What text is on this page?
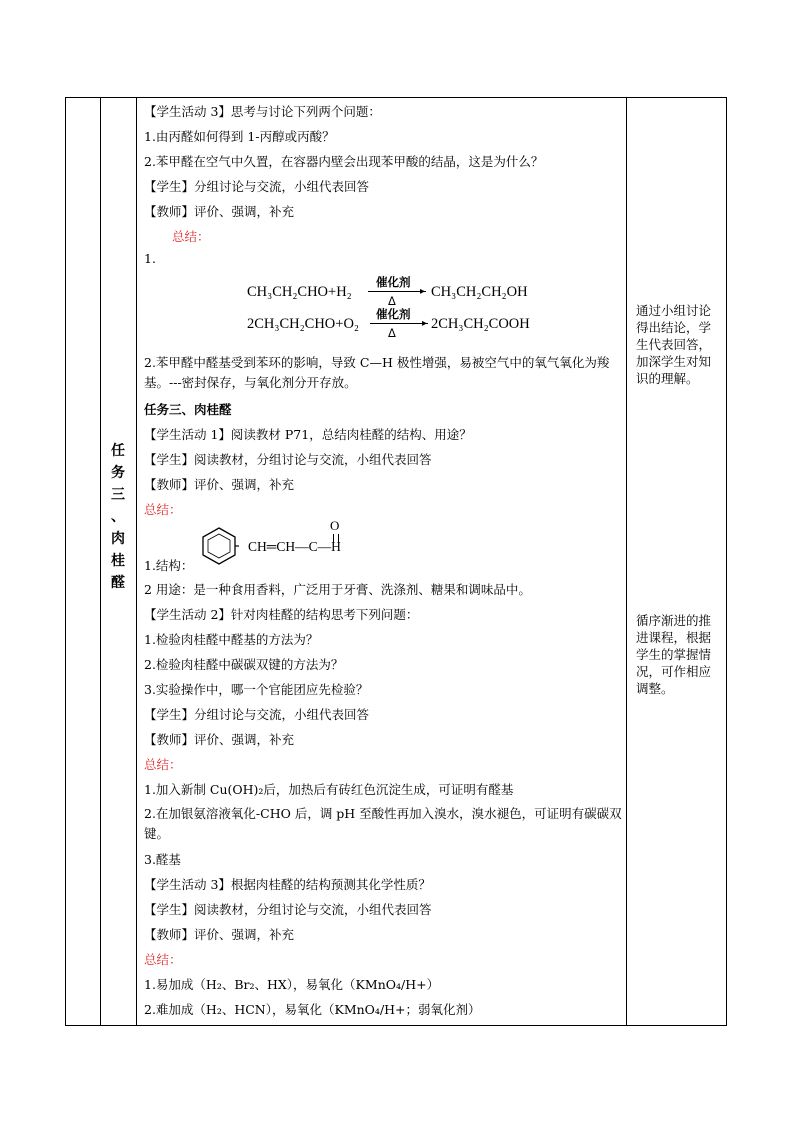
任
务
三
、
肉
桂
醛
【学生活动 3】思考与讨论下列两个问题：
1.由丙醛如何得到 1-丙醇或丙酸？
2.苯甲醛在空气中久置，在容器内壁会出现苯甲酸的结晶，这是为什么？
【学生】分组讨论与交流，小组代表回答
【教师】评价、强调，补充
总结：
1.
CH₃CH₂CHO+H₂
催化剂
▸
Δ
CH₃CH₂CH₂OH
2CH₃CH₂CHO+O₂
催化剂
▸
Δ
2CH₃CH₂COOH
2.苯甲醛中醛基受到苯环的影响，导致 C—H 极性增强，易被空气中的氧气氧化为羧基。---密封保存，与氧化剂分开存放。
任务三、肉桂醛
【学生活动 1】阅读教材 P71，总结肉桂醛的结构、用途？
【学生】阅读教材，分组讨论与交流，小组代表回答
【教师】评价、强调，补充
总结：
1.结构：
CH═CH—C—H
O
2 用途：是一种食用香料，广泛用于牙膏、洗涤剂、糖果和调味品中。
【学生活动 2】针对肉桂醛的结构思考下列问题：
1.检验肉桂醛中醛基的方法为？
2.检验肉桂醛中碳碳双键的方法为？
3.实验操作中，哪一个官能团应先检验？
【学生】分组讨论与交流，小组代表回答
【教师】评价、强调，补充
总结：
1.加入新制 Cu(OH)₂后，加热后有砖红色沉淀生成，可证明有醛基
2.在加银氨溶液氧化-CHO 后，调 pH 至酸性再加入溴水，溴水褪色，可证明有碳碳双键。
3.醛基
【学生活动 3】根据肉桂醛的结构预测其化学性质？
【学生】阅读教材，分组讨论与交流，小组代表回答
【教师】评价、强调，补充
总结：
1.易加成（H₂、Br₂、HX），易氧化（KMnO₄/H+）
2.难加成（H₂、HCN），易氧化（KMnO₄/H+；弱氧化剂）
通过小组讨论得出结论，学生代表回答，加深学生对知识的理解。
循序渐进的推进课程，根据学生的掌握情况，可作相应调整。
